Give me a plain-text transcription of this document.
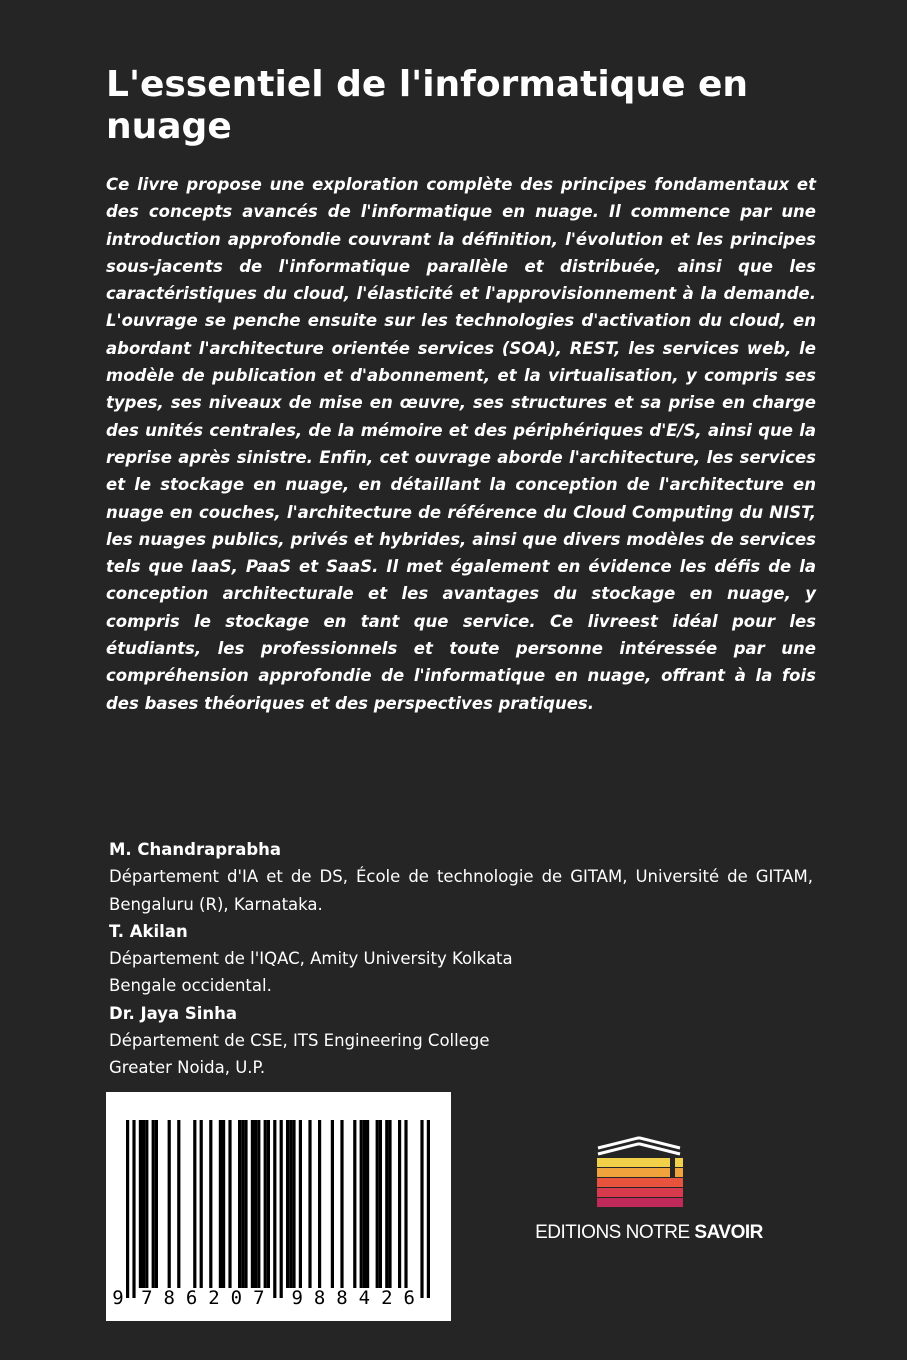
L'essentiel de l'informatique en nuage

Ce livre propose une exploration complète des principes fondamentaux et des concepts avancés de l'informatique en nuage. Il commence par une introduction approfondie couvrant la définition, l'évolution et les principes sous-jacents de l'informatique parallèle et distribuée, ainsi que les caractéristiques du cloud, l'élasticité et l'approvisionnement à la demande. L'ouvrage se penche ensuite sur les technologies d'activation du cloud, en abordant l'architecture orientée services (SOA), REST, les services web, le modèle de publication et d'abonnement, et la virtualisation, y compris ses types, ses niveaux de mise en œuvre, ses structures et sa prise en charge des unités centrales, de la mémoire et des périphériques d'E/S, ainsi que la reprise après sinistre. Enfin, cet ouvrage aborde l'architecture, les services et le stockage en nuage, en détaillant la conception de l'architecture en nuage en couches, l'architecture de référence du Cloud Computing du NIST, les nuages publics, privés et hybrides, ainsi que divers modèles de services tels que IaaS, PaaS et SaaS. Il met également en évidence les défis de la conception architecturale et les avantages du stockage en nuage, y compris le stockage en tant que service. Ce livreest idéal pour les étudiants, les professionnels et toute personne intéressée par une compréhension approfondie de l'informatique en nuage, offrant à la fois des bases théoriques et des perspectives pratiques.

M. Chandraprabha
Département d'IA et de DS, École de technologie de GITAM, Université de GITAM, Bengaluru (R), Karnataka.
T. Akilan
Département de l'IQAC, Amity University Kolkata
Bengale occidental.
Dr. Jaya Sinha
Département de CSE, ITS Engineering College
Greater Noida, U.P.
9 7 8 6 2 0 7 9 8 8 4 2 6
EDITIONS NOTRE SAVOIR
